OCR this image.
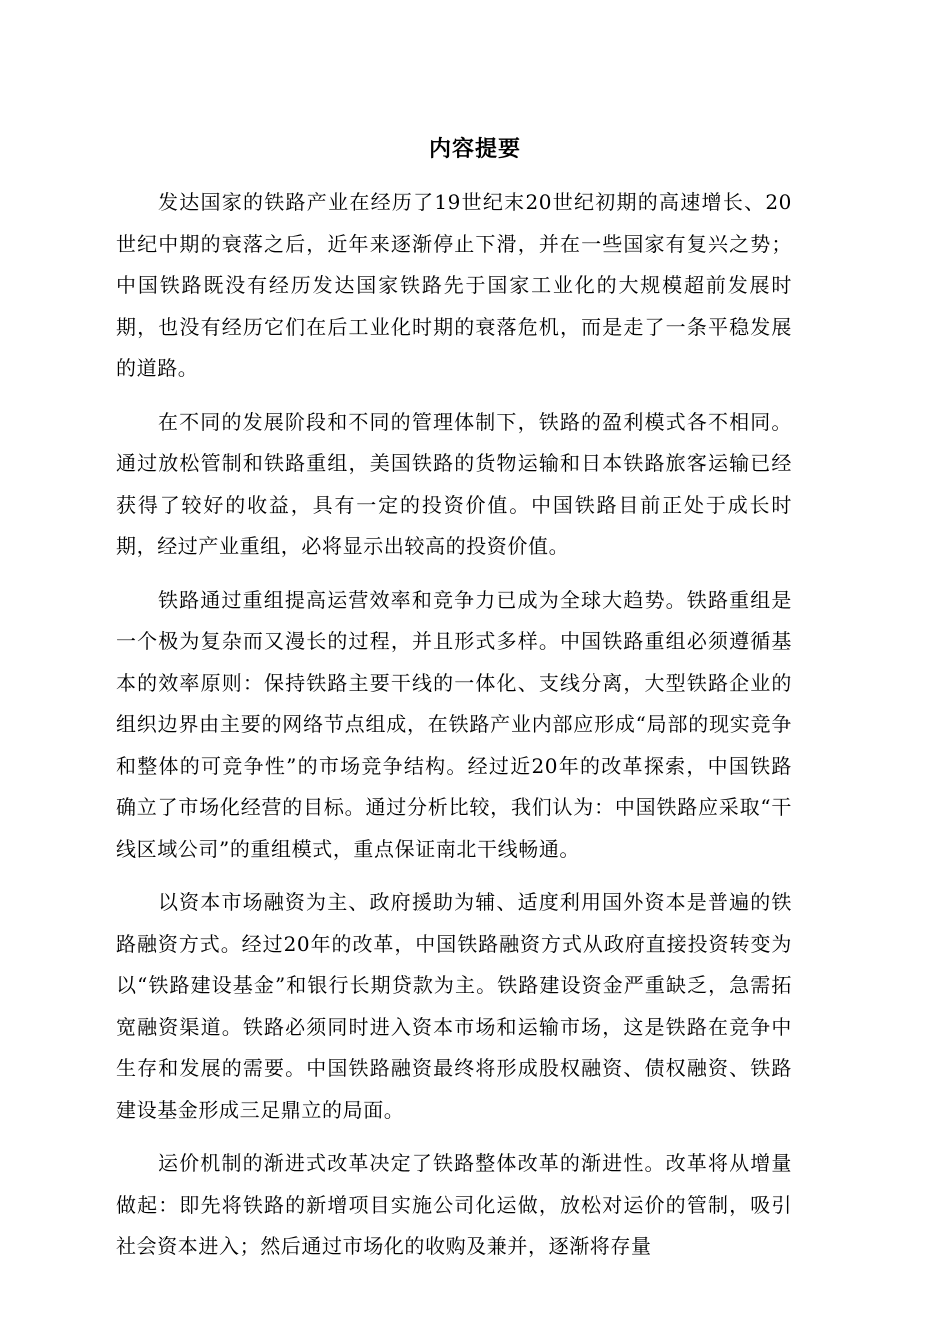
内容提要

发达国家的铁路产业在经历了19世纪末20世纪初期的高速增长、20世纪中期的衰落之后，近年来逐渐停止下滑，并在一些国家有复兴之势；中国铁路既没有经历发达国家铁路先于国家工业化的大规模超前发展时期，也没有经历它们在后工业化时期的衰落危机，而是走了一条平稳发展的道路。

在不同的发展阶段和不同的管理体制下，铁路的盈利模式各不相同。通过放松管制和铁路重组，美国铁路的货物运输和日本铁路旅客运输已经获得了较好的收益，具有一定的投资价值。中国铁路目前正处于成长时期，经过产业重组，必将显示出较高的投资价值。

铁路通过重组提高运营效率和竞争力已成为全球大趋势。铁路重组是一个极为复杂而又漫长的过程，并且形式多样。中国铁路重组必须遵循基本的效率原则：保持铁路主要干线的一体化、支线分离，大型铁路企业的组织边界由主要的网络节点组成，在铁路产业内部应形成“局部的现实竞争和整体的可竞争性”的市场竞争结构。经过近20年的改革探索，中国铁路确立了市场化经营的目标。通过分析比较，我们认为：中国铁路应采取“干线区域公司”的重组模式，重点保证南北干线畅通。

以资本市场融资为主、政府援助为辅、适度利用国外资本是普遍的铁路融资方式。经过20年的改革，中国铁路融资方式从政府直接投资转变为以“铁路建设基金”和银行长期贷款为主。铁路建设资金严重缺乏，急需拓宽融资渠道。铁路必须同时进入资本市场和运输市场，这是铁路在竞争中生存和发展的需要。中国铁路融资最终将形成股权融资、债权融资、铁路建设基金形成三足鼎立的局面。

运价机制的渐进式改革决定了铁路整体改革的渐进性。改革将从增量做起：即先将铁路的新增项目实施公司化运做，放松对运价的管制，吸引社会资本进入；然后通过市场化的收购及兼并，逐渐将存量
